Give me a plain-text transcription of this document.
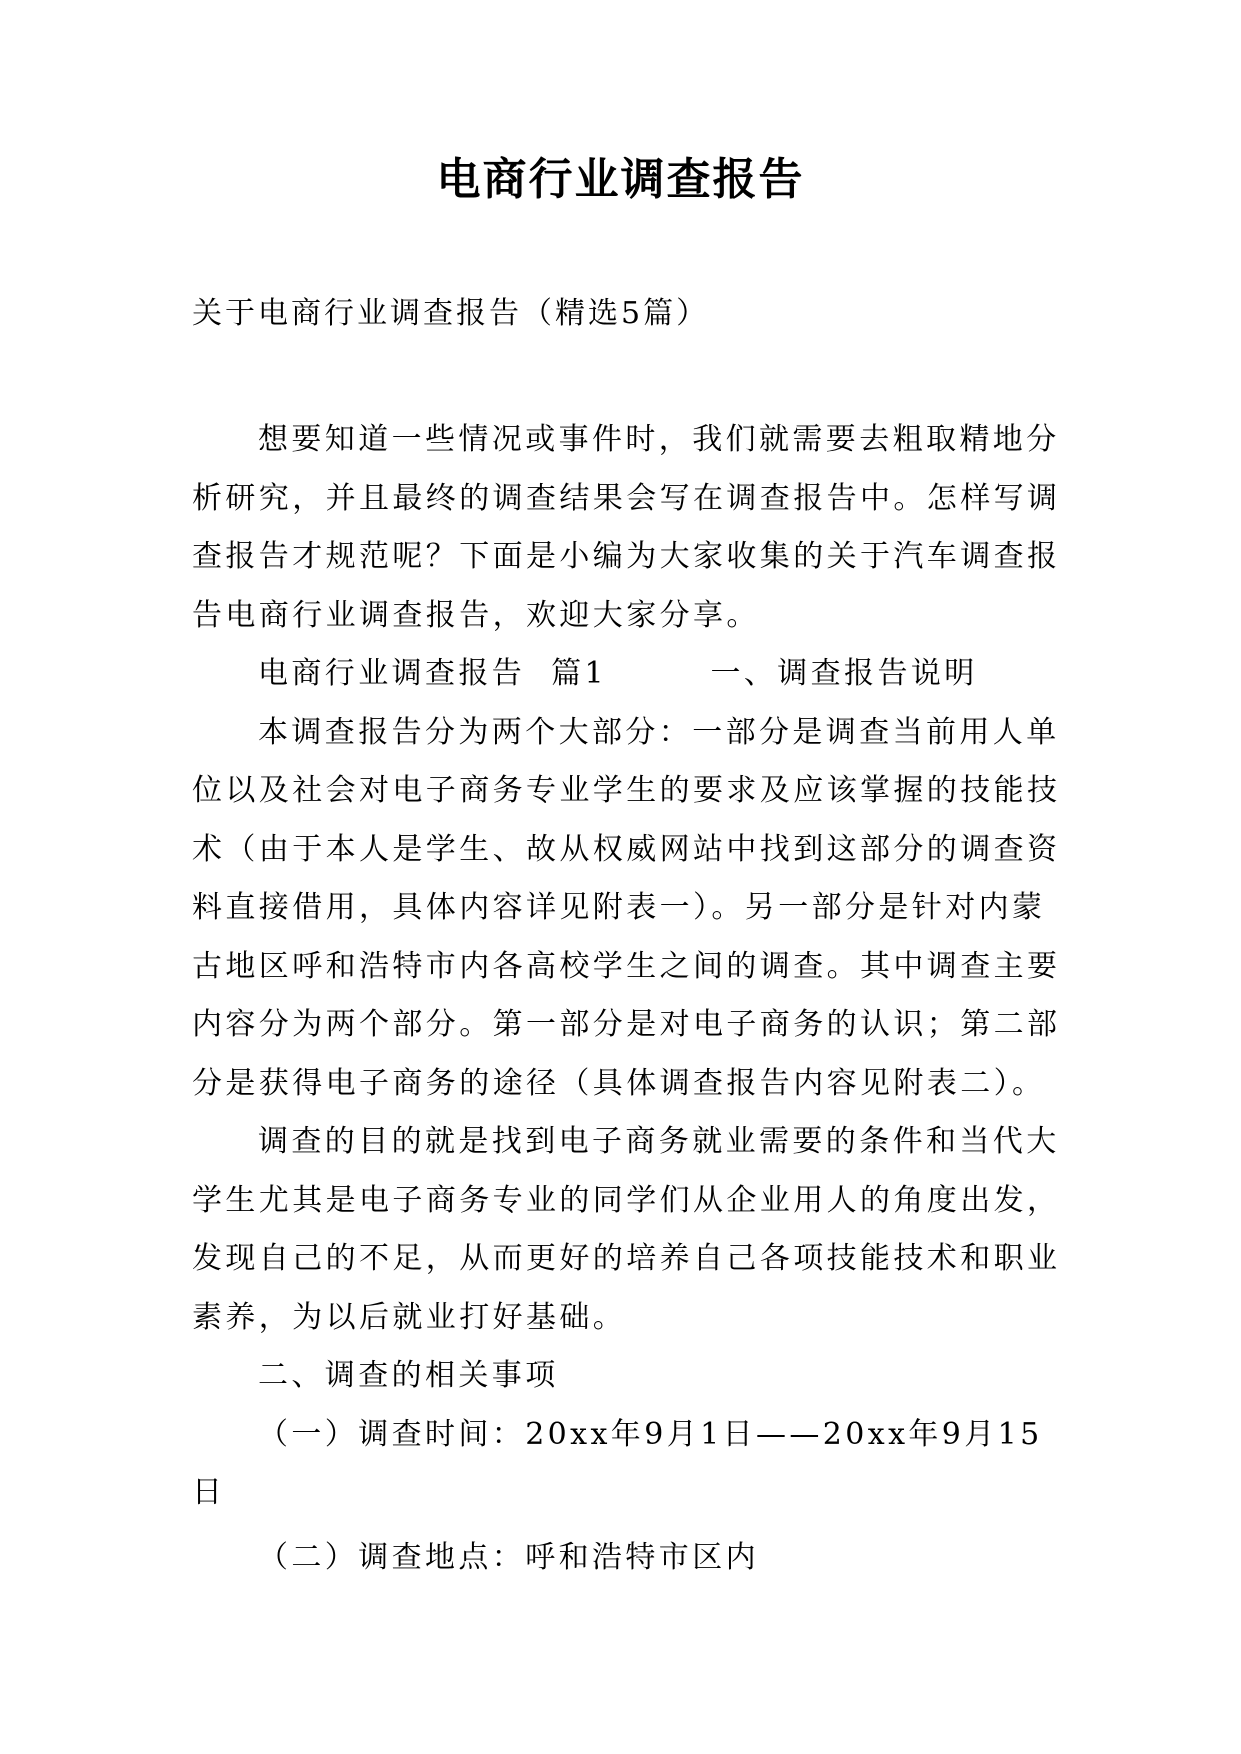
电商行业调查报告
关于电商行业调查报告（精选5篇）

想要知道一些情况或事件时，我们就需要去粗取精地分析研究，并且最终的调查结果会写在调查报告中。怎样写调查报告才规范呢？下面是小编为大家收集的关于汽车调查报告电商行业调查报告，欢迎大家分享。

电商行业调查报告  篇1        一、调查报告说明

本调查报告分为两个大部分：一部分是调查当前用人单位以及社会对电子商务专业学生的要求及应该掌握的技能技术（由于本人是学生、故从权威网站中找到这部分的调查资料直接借用，具体内容详见附表一）。另一部分是针对内蒙古地区呼和浩特市内各高校学生之间的调查。其中调查主要内容分为两个部分。第一部分是对电子商务的认识；第二部分是获得电子商务的途径（具体调查报告内容见附表二）。

调查的目的就是找到电子商务就业需要的条件和当代大学生尤其是电子商务专业的同学们从企业用人的角度出发，发现自己的不足，从而更好的培养自己各项技能技术和职业素养，为以后就业打好基础。

二、调查的相关事项

（一）调查时间：20xx年9月1日——20xx年9月15日

（二）调查地点：呼和浩特市区内
